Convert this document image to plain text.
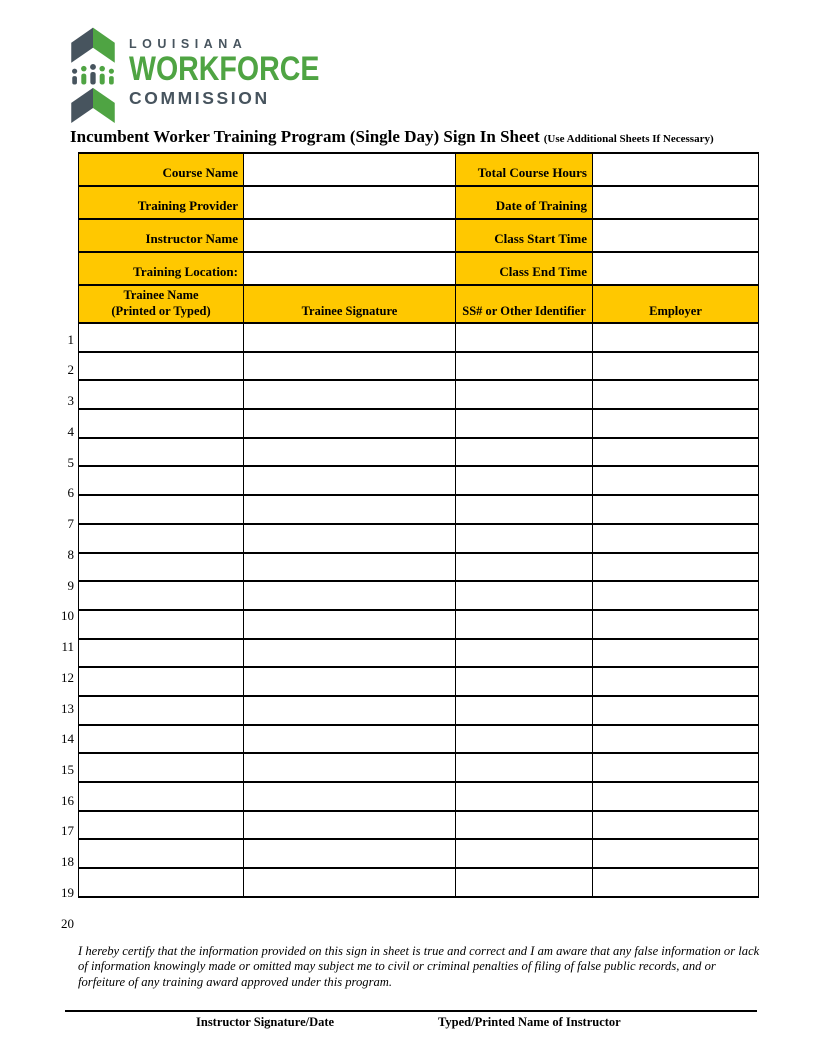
LOUISIANA
WORKFORCE
COMMISSION
Incumbent Worker Training Program (Single Day) Sign In Sheet (Use Additional Sheets If Necessary)
Course Name		Total Course Hours	
Training Provider		Date of Training	
Instructor Name		Class Start Time	
Training Location:		Class End Time	
Trainee Name
(Printed or Typed)	Trainee Signature	SS# or Other Identifier	Employer

1
2
3
4
5
6
7
8
9
10
11
12
13
14
15
16
17
18
19
20

I hereby certify that the information provided on this sign in sheet is true and correct and I am aware that any false information or lack of information knowingly made or omitted may subject me to civil or criminal penalties of filing of false public records, and or forfeiture of any training award approved under this program.

Instructor Signature/Date	Typed/Printed Name of Instructor
